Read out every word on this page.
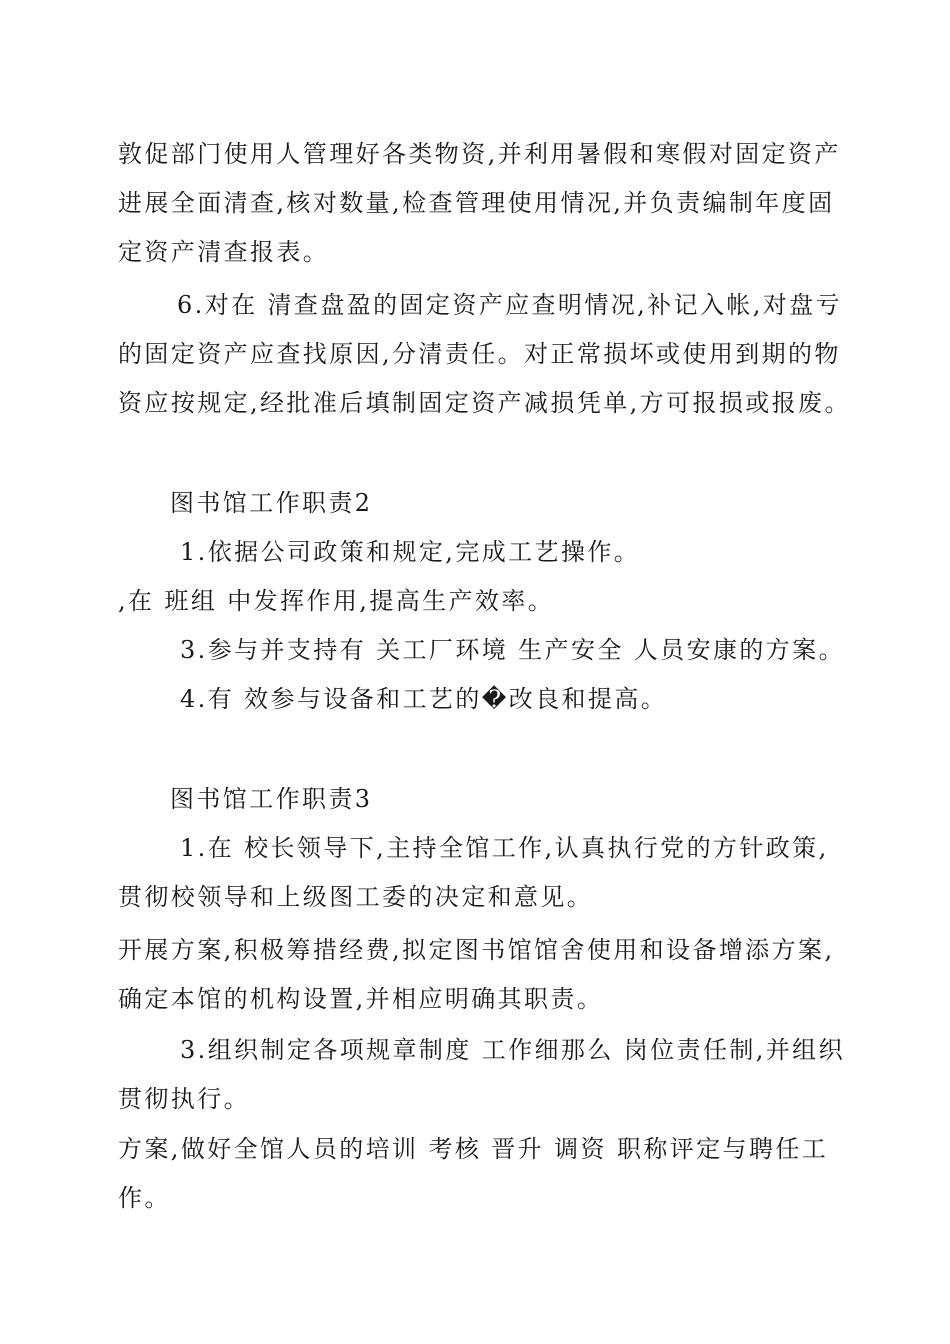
敦促部门使用人管理好各类物资,并利用暑假和寒假对固定资产
进展全面清查,核对数量,检查管理使用情况,并负责编制年度固
定资产清查报表。
6.对在 清查盘盈的固定资产应查明情况,补记入帐,对盘亏
的固定资产应查找原因,分清责任。对正常损坏或使用到期的物
资应按规定,经批准后填制固定资产减损凭单,方可报损或报废。
图书馆工作职责2
1.依据公司政策和规定,完成工艺操作。
,在 班组 中发挥作用,提高生产效率。
3.参与并支持有 关工厂环境 生产安全 人员安康的方案。
4.有 效参与设备和工艺的�改良和提高。
图书馆工作职责3
1.在 校长领导下,主持全馆工作,认真执行党的方针政策,
贯彻校领导和上级图工委的决定和意见。
开展方案,积极筹措经费,拟定图书馆馆舍使用和设备增添方案,
确定本馆的机构设置,并相应明确其职责。
3.组织制定各项规章制度 工作细那么 岗位责任制,并组织
贯彻执行。
方案,做好全馆人员的培训 考核 晋升 调资 职称评定与聘任工
作。
